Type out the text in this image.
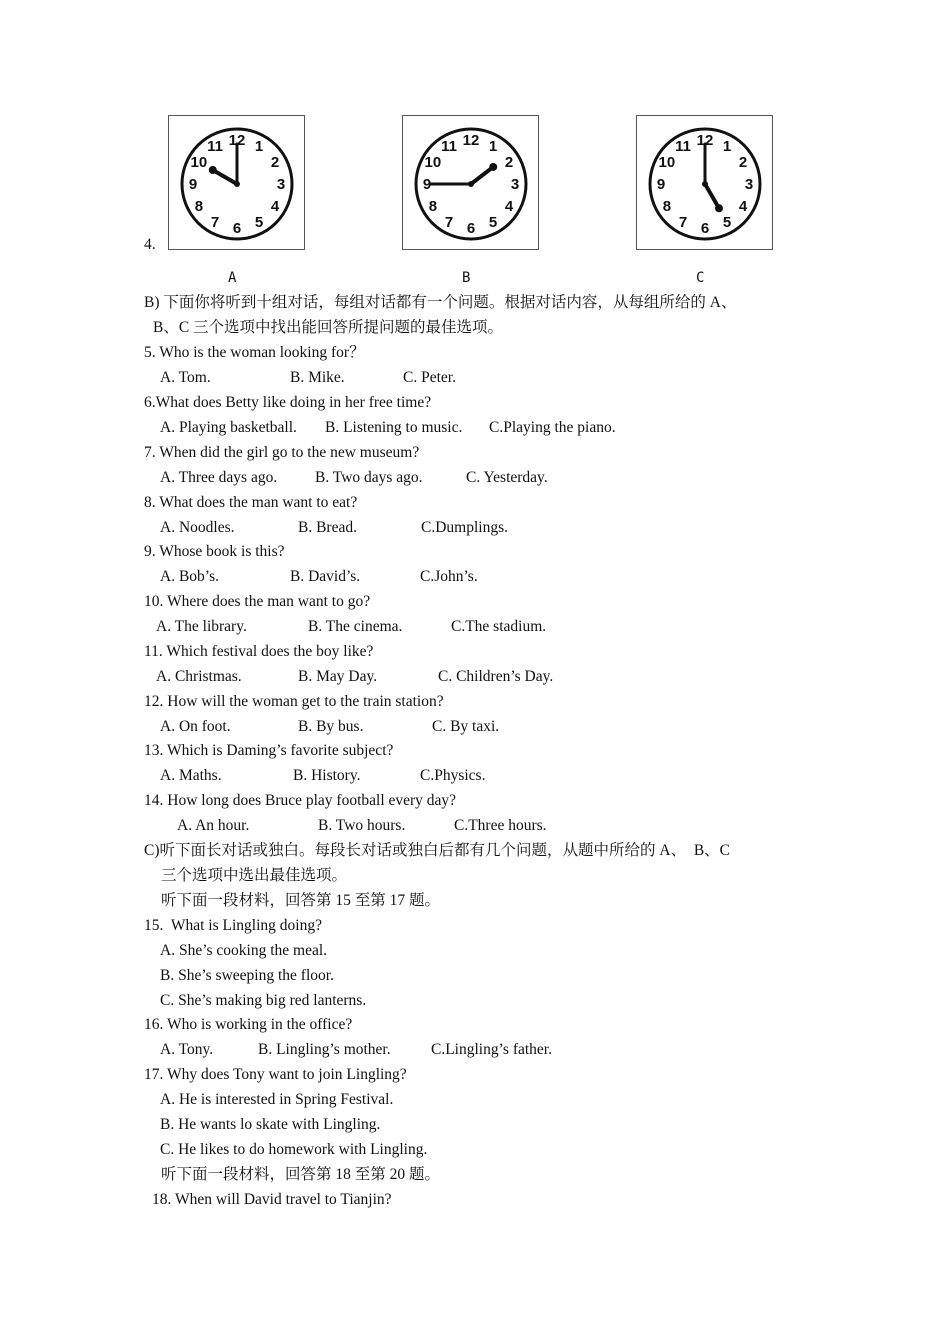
4.
12 1
2
3
4
5
6
7
8
9
10
11	12 1
2
3
4
5
6
7
8
9
10
11	12 1
2
3
4
5
6
7
8
9
10
11
A	B	C
B) 下面你将听到十组对话，每组对话都有一个问题。根据对话内容，从每组所给的 A、
B、C 三个选项中找出能回答所提问题的最佳选项。
5. Who is the woman looking for？
A. Tom.	B. Mike.	C. Peter.
6.What does Betty like doing in her free time?
A. Playing basketball. B. Listening to music. C.Playing the piano.
7. When did the girl go to the new museum?
A. Three days ago. B. Two days ago.	C. Yesterday.
8. What does the man want to eat?
A. Noodles.	B. Bread.	C.Dumplings.
9. Whose book is this?
A. Bob’s.	B. David’s.	C.John’s.
10. Where does the man want to go?
A. The library.	B. The cinema.	C.The stadium.
11. Which festival does the boy like?
A. Christmas.	B. May Day.	C. Children’s Day.
12. How will the woman get to the train station?
A. On foot.	B. By bus.	C. By taxi.
13. Which is Daming’s favorite subject?
A. Maths.	B. History.	C.Physics.
14. How long does Bruce play football every day?
A. An hour.	B. Two hours.	C.Three hours.
C)听下面长对话或独白。每段长对话或独白后都有几个问题，从题中所给的 A、  B、C
三个选项中选出最佳选项。
听下面一段材料，回答第 15 至第 17 题。
15.  What is Lingling doing?
A. She’s cooking the meal.
B. She’s sweeping the floor.
C. She’s making big red lanterns.
16. Who is working in the office?
A. Tony.	B. Lingling’s mother.	C.Lingling’s father.
17. Why does Tony want to join Lingling?
A. He is interested in Spring Festival.
B. He wants lo skate with Lingling.
C. He likes to do homework with Lingling.
听下面一段材料，回答第 18 至第 20 题。
18. When will David travel to Tianjin?
